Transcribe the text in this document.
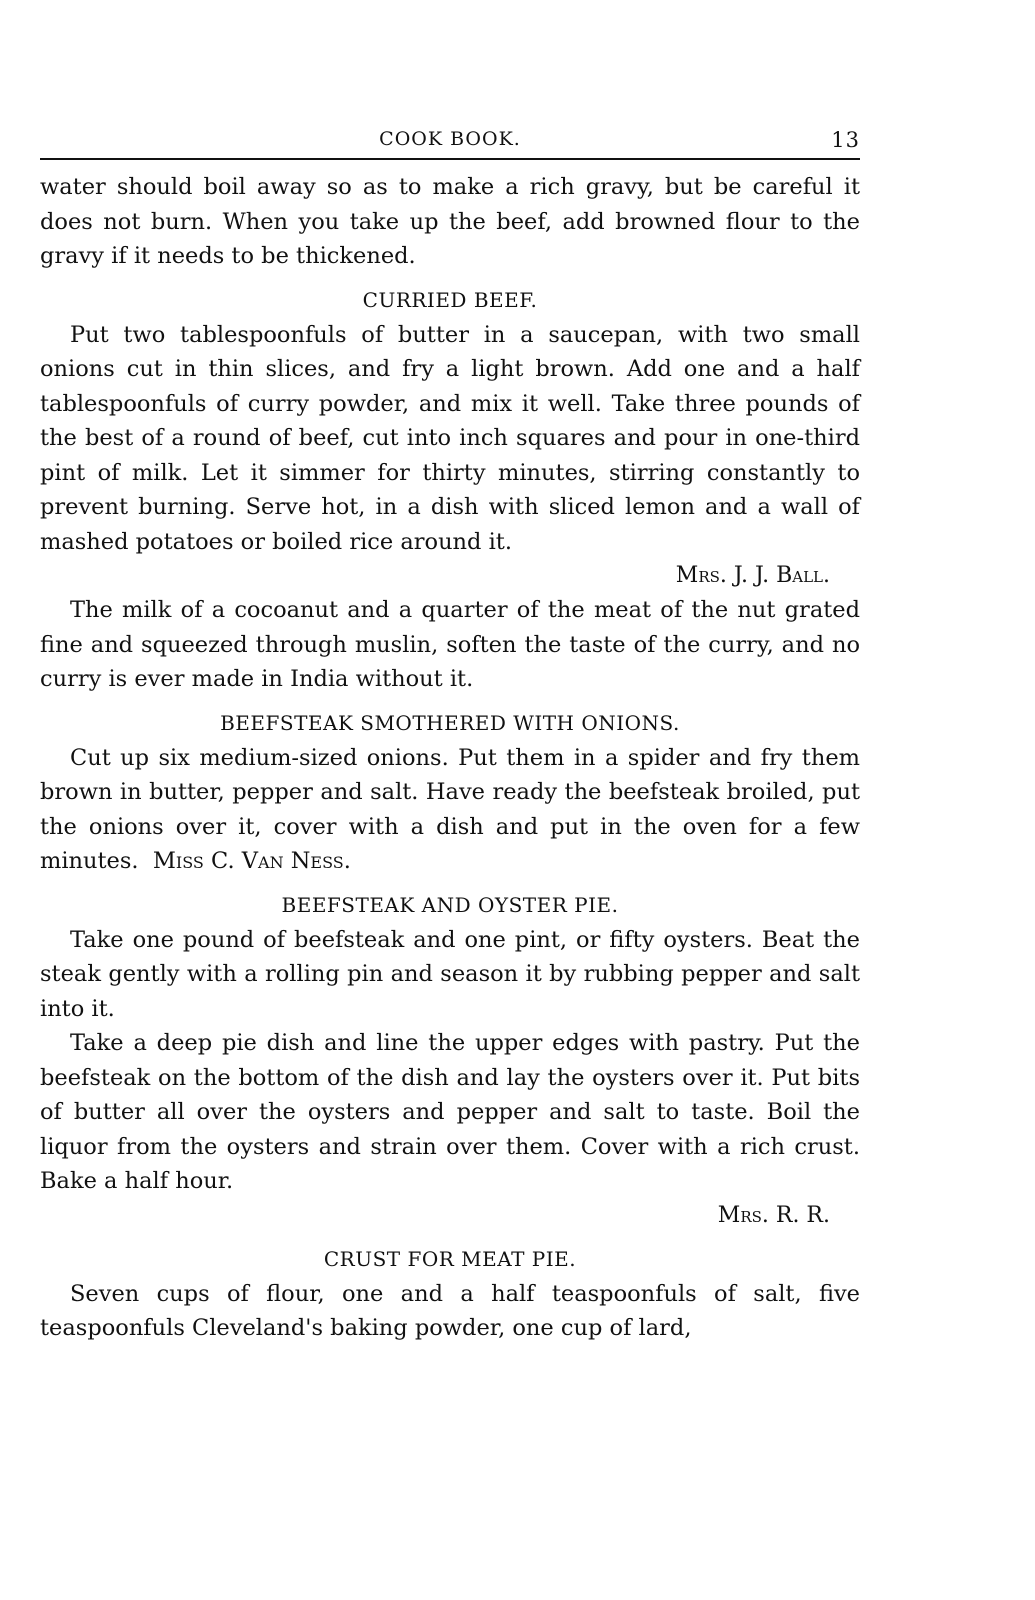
COOK BOOK.	13

water should boil away so as to make a rich gravy, but be careful it does not burn. When you take up the beef, add browned flour to the gravy if it needs to be thickened.

CURRIED BEEF.

Put two tablespoonfuls of butter in a saucepan, with two small onions cut in thin slices, and fry a light brown. Add one and a half tablespoonfuls of curry powder, and mix it well. Take three pounds of the best of a round of beef, cut into inch squares and pour in one-third pint of milk. Let it simmer for thirty minutes, stirring constantly to prevent burning. Serve hot, in a dish with sliced lemon and a wall of mashed potatoes or boiled rice around it.

Mrs. J. J. Ball.

The milk of a cocoanut and a quarter of the meat of the nut grated fine and squeezed through muslin, soften the taste of the curry, and no curry is ever made in India without it.

BEEFSTEAK SMOTHERED WITH ONIONS.

Cut up six medium-sized onions. Put them in a spider and fry them brown in butter, pepper and salt. Have ready the beefsteak broiled, put the onions over it, cover with a dish and put in the oven for a few minutes. Miss C. Van Ness.

BEEFSTEAK AND OYSTER PIE.

Take one pound of beefsteak and one pint, or fifty oysters. Beat the steak gently with a rolling pin and season it by rubbing pepper and salt into it.

Take a deep pie dish and line the upper edges with pastry. Put the beefsteak on the bottom of the dish and lay the oysters over it. Put bits of butter all over the oysters and pepper and salt to taste. Boil the liquor from the oysters and strain over them. Cover with a rich crust. Bake a half hour.

Mrs. R. R.

CRUST FOR MEAT PIE.

Seven cups of flour, one and a half teaspoonfuls of salt, five teaspoonfuls Cleveland's baking powder, one cup of lard,
